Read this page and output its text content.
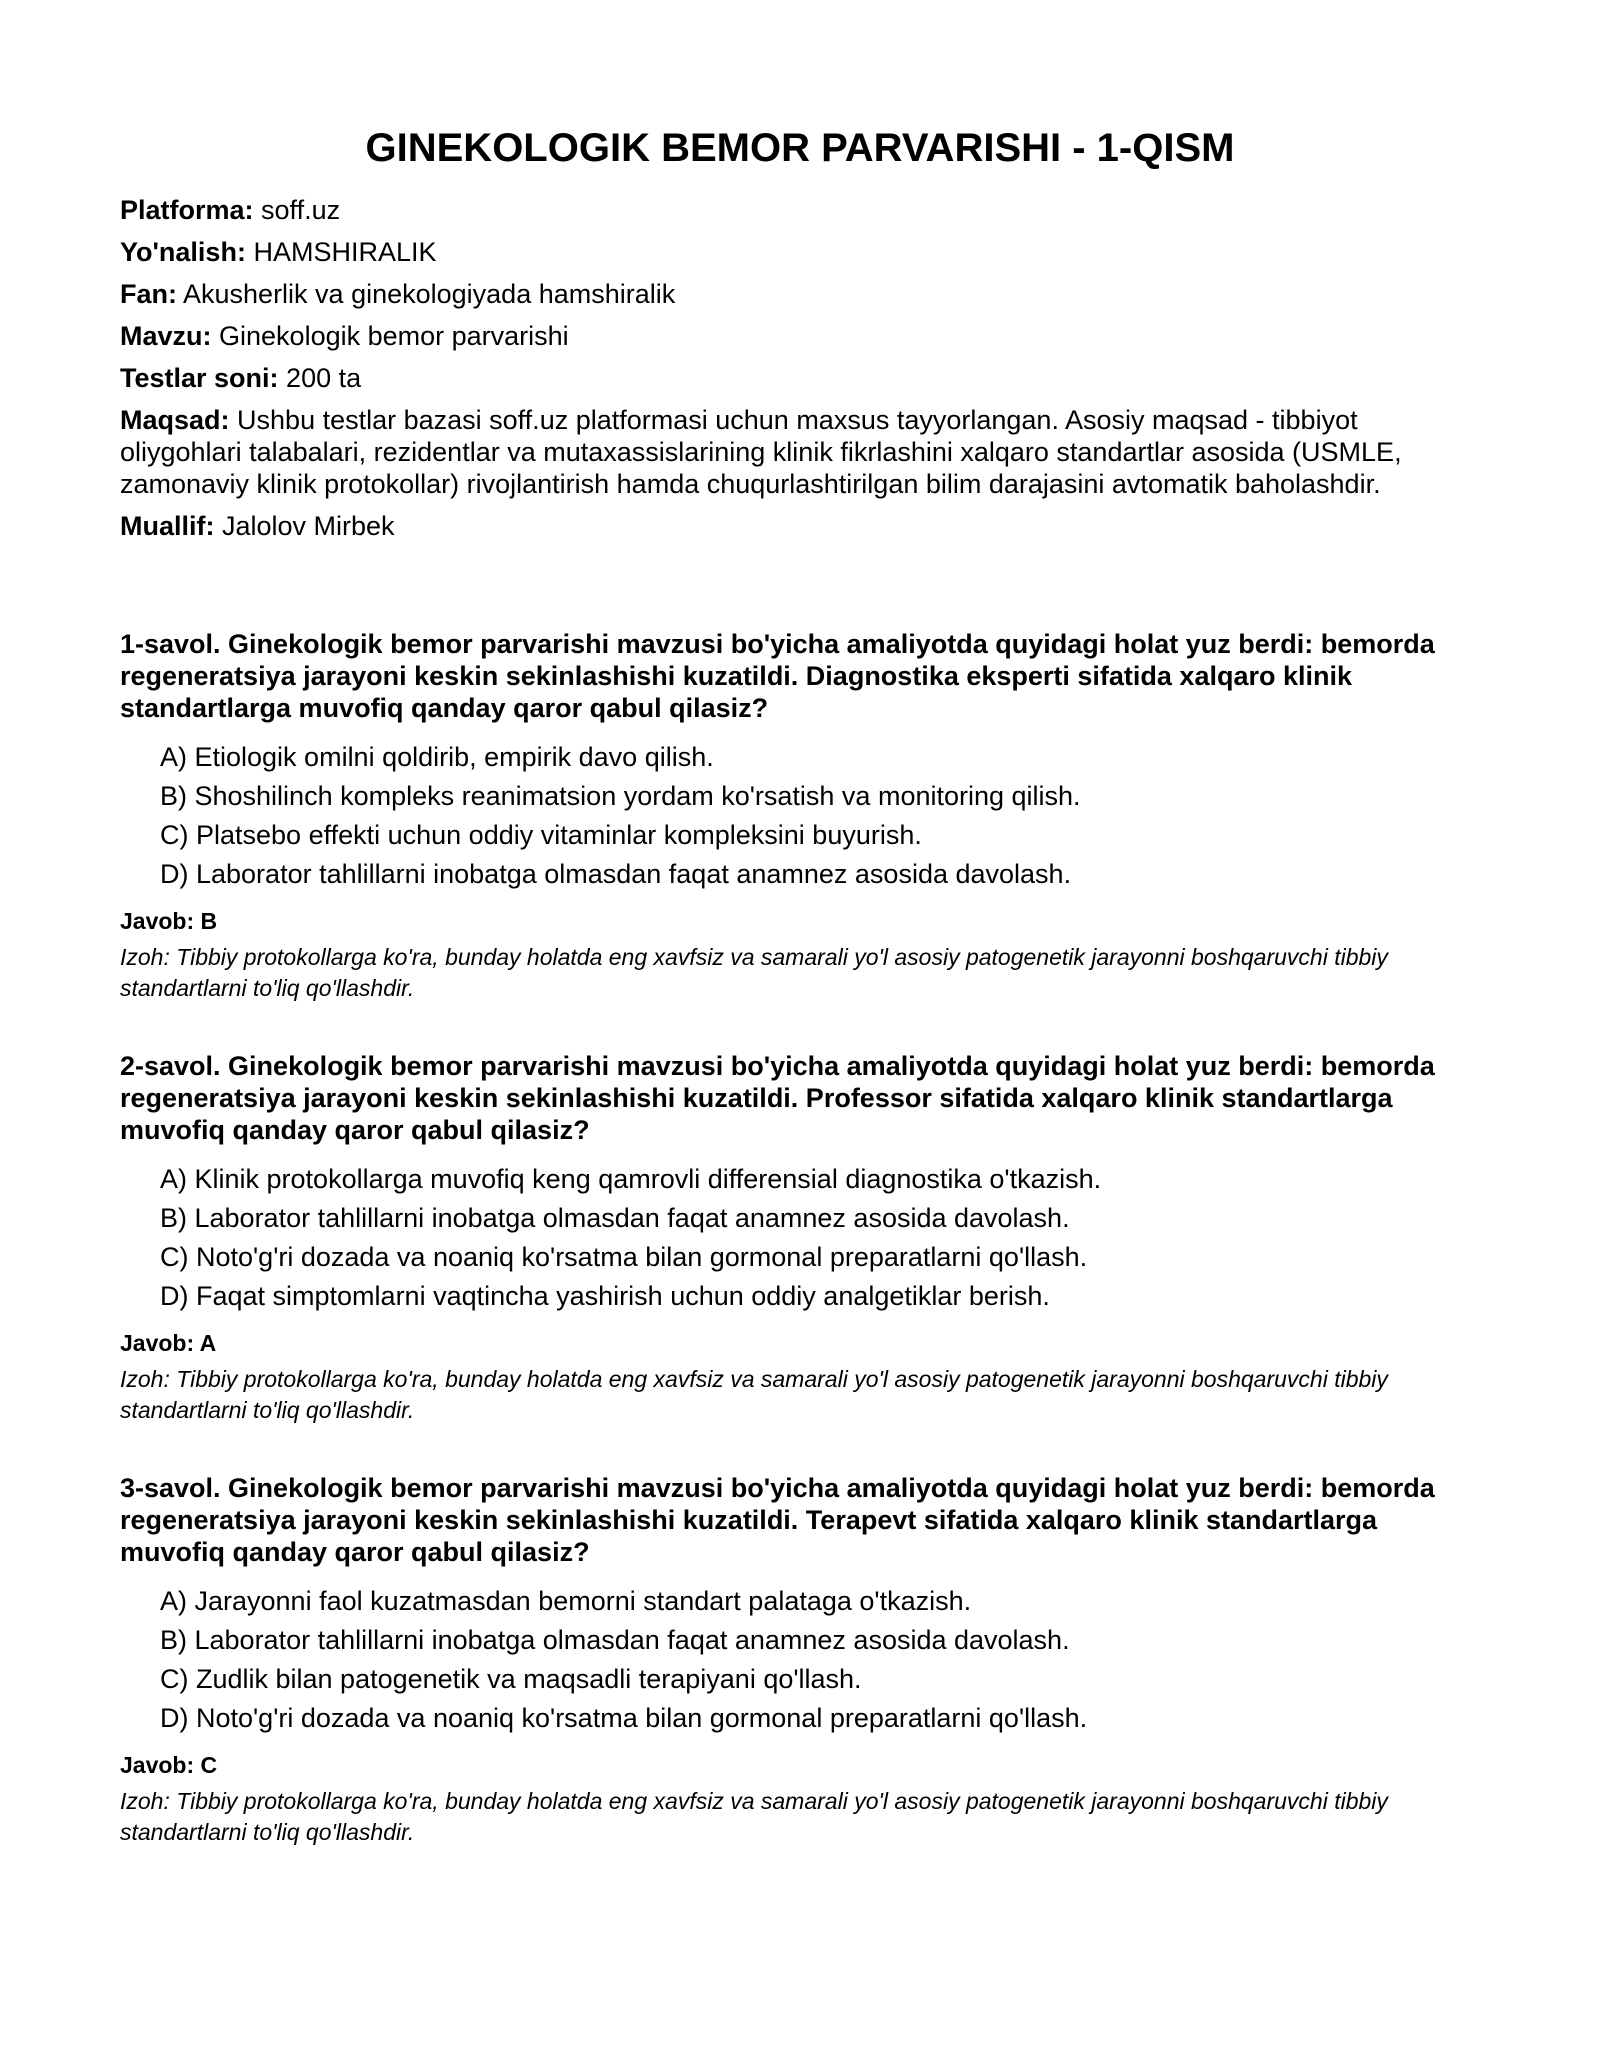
GINEKOLOGIK BEMOR PARVARISHI - 1-QISM
Platforma: soff.uz
Yo'nalish: HAMSHIRALIK
Fan: Akusherlik va ginekologiyada hamshiralik
Mavzu: Ginekologik bemor parvarishi
Testlar soni: 200 ta
Maqsad: Ushbu testlar bazasi soff.uz platformasi uchun maxsus tayyorlangan. Asosiy maqsad - tibbiyot oliygohlari talabalari, rezidentlar va mutaxassislarining klinik fikrlashini xalqaro standartlar asosida (USMLE, zamonaviy klinik protokollar) rivojlantirish hamda chuqurlashtirilgan bilim darajasini avtomatik baholashdir.
Muallif: Jalolov Mirbek
1-savol. Ginekologik bemor parvarishi mavzusi bo'yicha amaliyotda quyidagi holat yuz berdi: bemorda regeneratsiya jarayoni keskin sekinlashishi kuzatildi. Diagnostika eksperti sifatida xalqaro klinik standartlarga muvofiq qanday qaror qabul qilasiz?
A) Etiologik omilni qoldirib, empirik davo qilish.
B) Shoshilinch kompleks reanimatsion yordam ko'rsatish va monitoring qilish.
C) Platsebo effekti uchun oddiy vitaminlar kompleksini buyurish.
D) Laborator tahlillarni inobatga olmasdan faqat anamnez asosida davolash.
Javob: B
Izoh: Tibbiy protokollarga ko'ra, bunday holatda eng xavfsiz va samarali yo'l asosiy patogenetik jarayonni boshqaruvchi tibbiy standartlarni to'liq qo'llashdir.
2-savol. Ginekologik bemor parvarishi mavzusi bo'yicha amaliyotda quyidagi holat yuz berdi: bemorda regeneratsiya jarayoni keskin sekinlashishi kuzatildi. Professor sifatida xalqaro klinik standartlarga muvofiq qanday qaror qabul qilasiz?
A) Klinik protokollarga muvofiq keng qamrovli differensial diagnostika o'tkazish.
B) Laborator tahlillarni inobatga olmasdan faqat anamnez asosida davolash.
C) Noto'g'ri dozada va noaniq ko'rsatma bilan gormonal preparatlarni qo'llash.
D) Faqat simptomlarni vaqtincha yashirish uchun oddiy analgetiklar berish.
Javob: A
Izoh: Tibbiy protokollarga ko'ra, bunday holatda eng xavfsiz va samarali yo'l asosiy patogenetik jarayonni boshqaruvchi tibbiy standartlarni to'liq qo'llashdir.
3-savol. Ginekologik bemor parvarishi mavzusi bo'yicha amaliyotda quyidagi holat yuz berdi: bemorda regeneratsiya jarayoni keskin sekinlashishi kuzatildi. Terapevt sifatida xalqaro klinik standartlarga muvofiq qanday qaror qabul qilasiz?
A) Jarayonni faol kuzatmasdan bemorni standart palataga o'tkazish.
B) Laborator tahlillarni inobatga olmasdan faqat anamnez asosida davolash.
C) Zudlik bilan patogenetik va maqsadli terapiyani qo'llash.
D) Noto'g'ri dozada va noaniq ko'rsatma bilan gormonal preparatlarni qo'llash.
Javob: C
Izoh: Tibbiy protokollarga ko'ra, bunday holatda eng xavfsiz va samarali yo'l asosiy patogenetik jarayonni boshqaruvchi tibbiy standartlarni to'liq qo'llashdir.
